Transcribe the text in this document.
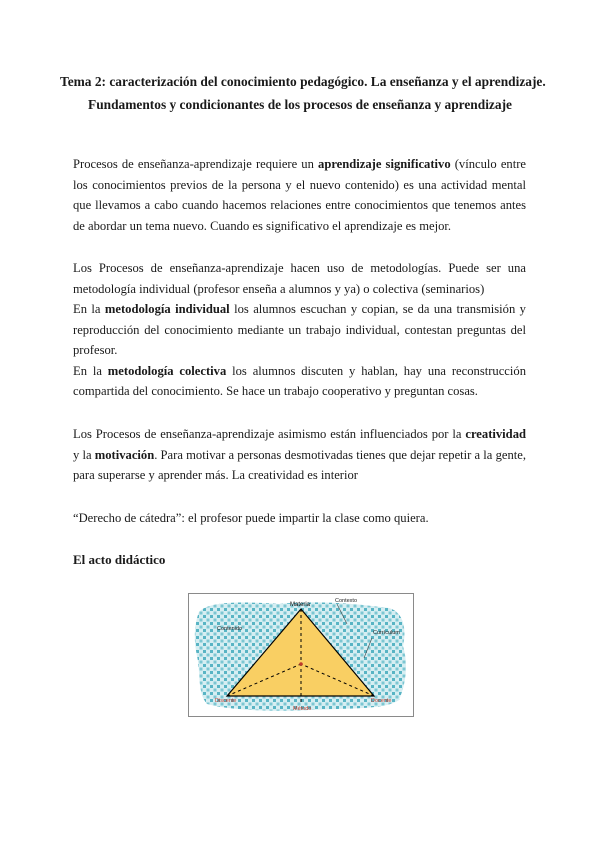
Tema 2: caracterización del conocimiento pedagógico. La enseñanza y el aprendizaje.
Fundamentos y condicionantes de los procesos de enseñanza y aprendizaje
Procesos de enseñanza-aprendizaje requiere un aprendizaje significativo (vínculo entre los conocimientos previos de la persona y el nuevo contenido) es una actividad mental que llevamos a cabo cuando hacemos relaciones entre conocimientos que tenemos antes de abordar un tema nuevo. Cuando es significativo el aprendizaje es mejor.
Los Procesos de enseñanza-aprendizaje hacen uso de metodologías. Puede ser una metodología individual (profesor enseña a alumnos y ya) o colectiva (seminarios)
En la metodología individual los alumnos escuchan y copian, se da una transmisión y reproducción del conocimiento mediante un trabajo individual, contestan preguntas del profesor.
En la metodología colectiva los alumnos discuten y hablan, hay una reconstrucción compartida del conocimiento. Se hace un trabajo cooperativo y preguntan cosas.
Los Procesos de enseñanza-aprendizaje asimismo están influenciados por la creatividad y la motivación. Para motivar a personas desmotivadas tienes que dejar repetir a la gente, para superarse y aprender más. La creatividad es interior
“Derecho de cátedra”: el profesor puede impartir la clase como quiera.
El acto didáctico
Materia
Contexto
Contenido
Currículum
Discente	Docente
Método
